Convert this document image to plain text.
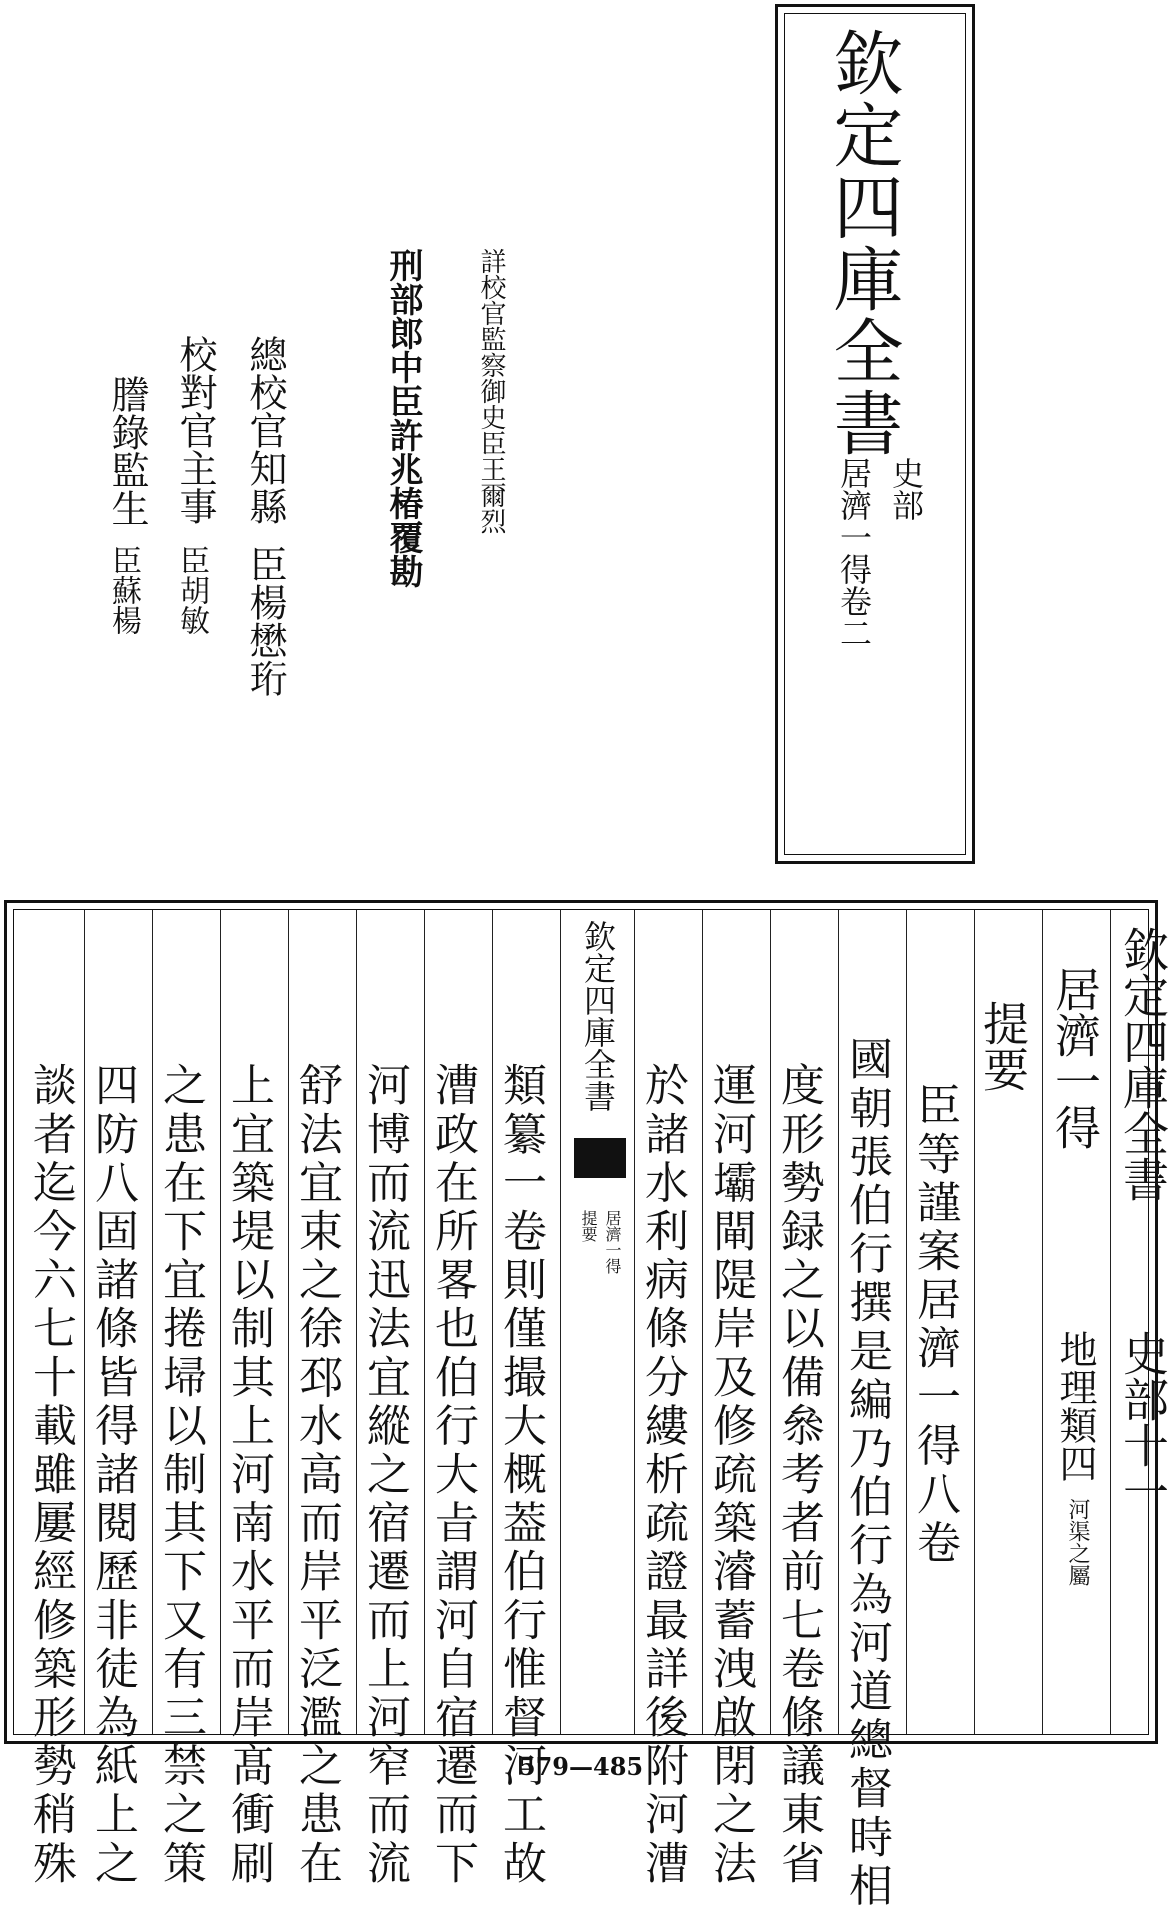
欽定四庫全書
史部
居濟一得卷二
詳校官監察御史臣王爾烈
刑部郎中臣許兆椿覆勘
總校官知縣
臣楊懋珩
校對官主事
臣胡敏
謄錄監生
臣蘇楊
欽定四庫全書
史部十一
居濟一得
地理類四
河渠之屬
提要
臣等謹案居濟一得八卷
國朝張伯行撰是編乃伯行為河道總督時相
度形勢録之以備叅考者前七卷條議東省
運河壩閘隄岸及修疏築濬蓄洩啟閉之法
於諸水利病條分縷析疏證最詳後附河漕
欽定四庫全書
居濟一得
提要
類纂一卷則僅撮大概葢伯行惟督河工故
漕政在所畧也伯行大㫖謂河自宿遷而下
河博而流迅法宜縱之宿遷而上河窄而流
舒法宜束之徐邳水高而岸平泛濫之患在
上宜築堤以制其上河南水平而岸髙衝刷
之患在下宜捲埽以制其下又有三禁之策
四防八固諸條皆得諸閱歷非徒為紙上之
談者迄今六七十載雖屢經修築形勢稍殊	579—485
